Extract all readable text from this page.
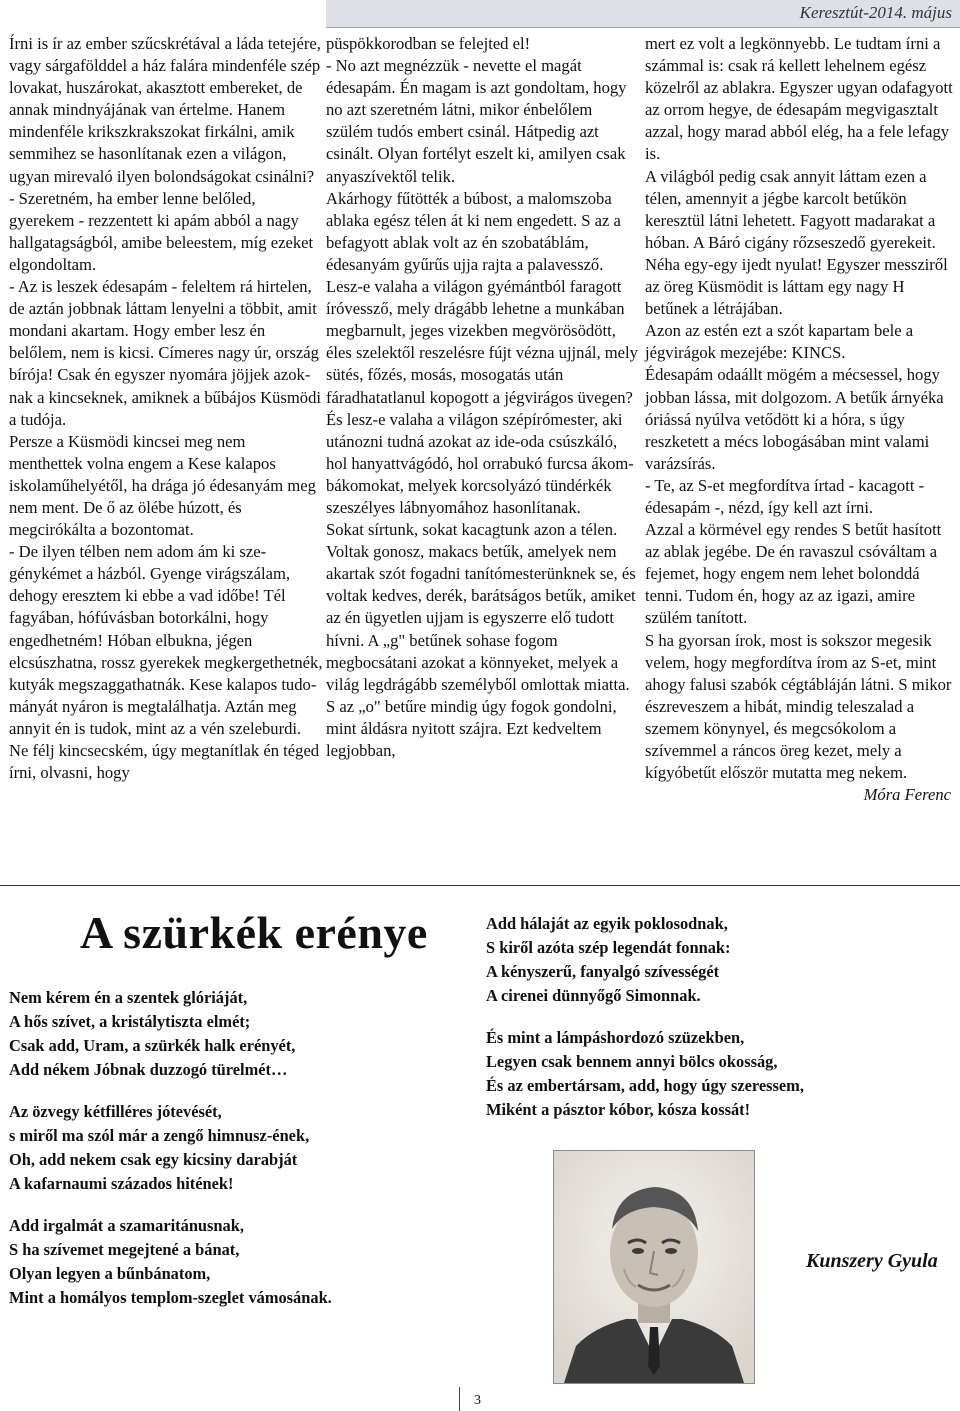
Keresztút-2014. május

Írni is ír az ember szűcskrétával a láda tetejére, vagy sárgafölddel a ház falára mindenféle szép lovakat, huszárokat, akasztott embereket, de annak mindnyájának van értelme. Hanem mindenféle krikszkrakszokat firkálni, amik semmihez se hasonlítanak ezen a világon, ugyan mirevaló ilyen bolondságokat csinálni?

- Szeretném, ha ember lenne belőled, gyerekem - rezzentett ki apám abból a nagy hallgatagságból, amibe beleestem, míg ezeket elgondoltam.

- Az is leszek édesapám - feleltem rá hirtelen, de aztán jobbnak láttam lenyelni a többit, amit mondani akartam. Hogy ember lesz én belőlem, nem is kicsi. Címeres nagy úr, ország bírója! Csak én egyszer nyomára jöjjek azoknak a kincseknek, amiknek a bűbájos Küsmödi a tudója.

Persze a Küsmödi kincsei meg nem menthettek volna engem a Kese kalapos iskolaműhelyétől, ha drága jó édesanyám meg nem ment. De ő az ölébe húzott, és megcirókálta a bozontomat.

- De ilyen télben nem adom ám ki szegénykémet a házból. Gyenge virágszálam, dehogy eresztem ki ebbe a vad időbe! Tél fagyában, hófúvásban botorkálni, hogy engedhetném! Hóban elbukna, jégen elcsúszhatna, rossz gyerekek megkergethetnék, kutyák megszaggathatnák. Kese kalapos tudományát nyáron is megtalálhatja. Aztán meg annyit én is tudok, mint az a vén szeleburdi. Ne félj kincsecském, úgy megtanítlak én téged írni, olvasni, hogy

püspökkorodban se felejted el!

- No azt megnézzük - nevette el magát édesapám. Én magam is azt gondoltam, hogy no azt szeretném látni, mikor énbelőlem szülém tudós embert csinál. Hátpedig azt csinált. Olyan fortélyt eszelt ki, amilyen csak anyaszívektől telik.

Akárhogy fűtötték a búbost, a malomszoba ablaka egész télen át ki nem engedett. S az a befagyott ablak volt az én szobatáblám, édesanyám gyűrűs ujja rajta a palavessző. Lesz-e valaha a világon gyémántból faragott íróvessző, mely drágább lehetne a munkában megbarnult, jeges vizekben megvörösödött, éles szelektől reszelésre fújt vézna ujjnál, mely sütés, főzés, mosás, mosogatás után fáradhatatlanul kopogott a jégvirágos üvegen? És lesz-e valaha a világon szépírómester, aki utánozni tudná azokat az ide-oda csúszkáló, hol hanyattvágódó, hol orrabukó furcsa ákom-bákomokat, melyek korcsolyázó tündérkék szeszélyes lábnyomához hasonlítanak.

Sokat sírtunk, sokat kacagtunk azon a télen. Voltak gonosz, makacs betűk, amelyek nem akartak szót fogadni tanítómesterünknek se, és voltak kedves, derék, barátságos betűk, amiket az én ügyetlen ujjam is egyszerre elő tudott hívni. A „g" betűnek sohase fogom megbocsátani azokat a könnyeket, melyek a világ legdrágább személyből omlottak miatta. S az „o" betűre mindig úgy fogok gondolni, mint áldásra nyitott szájra. Ezt kedveltem legjobban,

mert ez volt a legkönnyebb. Le tudtam írni a számmal is: csak rá kellett lehelnem egész közelről az ablakra. Egyszer ugyan odafagyott az orrom hegye, de édesapám megvigasztalt azzal, hogy marad abból elég, ha a fele lefagy is.

A világból pedig csak annyit láttam ezen a télen, amennyit a jégbe karcolt betűkön keresztül látni lehetett. Fagyott madarakat a hóban. A Báró cigány rőzseszedő gyerekeit. Néha egy-egy ijedt nyulat! Egyszer messziről az öreg Küsmödit is láttam egy nagy H betűnek a létrájában.

Azon az estén ezt a szót kapartam bele a jégvirágok mezejébe: KINCS.

Édesapám odaállt mögém a mécsessel, hogy jobban lássa, mit dolgozom. A betűk árnyéka óriássá nyúlva vetődött ki a hóra, s úgy reszketett a mécs lobogásában mint valami varázsírás.

- Te, az S-et megfordítva írtad - kacagott - édesapám -, nézd, így kell azt írni.

Azzal a körmével egy rendes S betűt hasított az ablak jegébe. De én ravaszul csóváltam a fejemet, hogy engem nem lehet bolonddá tenni. Tudom én, hogy az az igazi, amire szülém tanított.

S ha gyorsan írok, most is sokszor megesik velem, hogy megfordítva írom az S-et, mint ahogy falusi szabók cégtábláján látni. S mikor észreveszem a hibát, mindig teleszalad a szemem könynyel, és megcsókolom a szívemmel a ráncos öreg kezet, mely a kígyóbetűt először mutatta meg nekem.

Móra Ferenc

A szürkék erénye
Nem kérem én a szentek glóriáját,
A hős szívet, a kristálytiszta elmét;
Csak add, Uram, a szürkék halk erényét,
Add nékem Jóbnak duzzogó türelmét…
Az özvegy kétfilléres jótevését,
s miről ma szól már a zengő himnusz-ének,
Oh, add nekem csak egy kicsiny darabját
A kafarnaumi százados hitének!
Add irgalmát a szamaritánusnak,
S ha szívemet megejtené a bánat,
Olyan legyen a bűnbánatom,
Mint a homályos templom-szeglet vámosának.
Add hálaját az egyik poklosodnak,
S kiről azóta szép legendát fonnak:
A kényszerű, fanyalgó szívességét
A cirenei dünnyőgő Simonnak.
És mint a lámpáshordozó szüzekben,
Legyen csak bennem annyi bölcs okosság,
És az embertársam, add, hogy úgy szeressem,
Miként a pásztor kóbor, kósza kossát!
Kunszery Gyula
3
